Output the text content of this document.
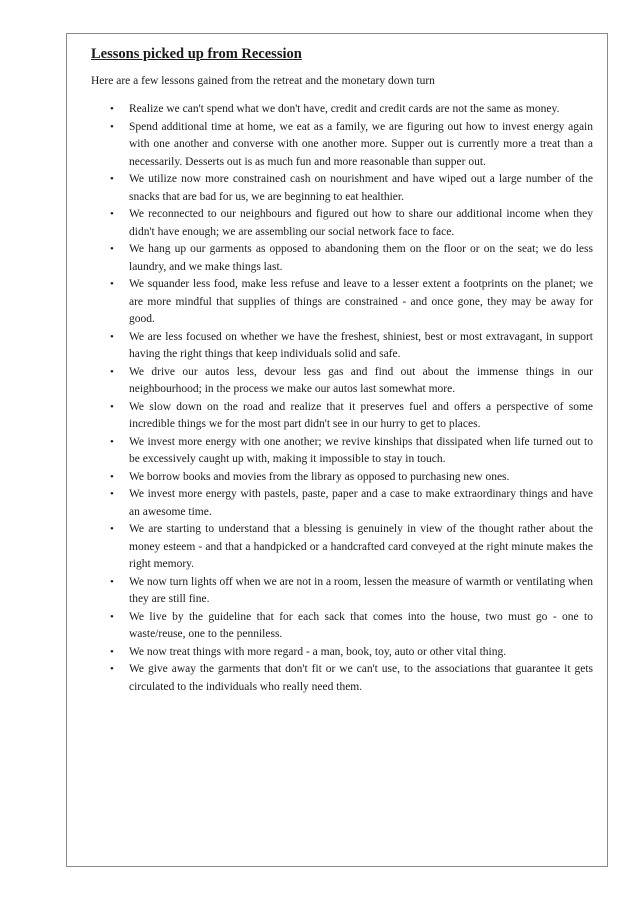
Lessons picked up from Recession

Here are a few lessons gained from the retreat and the monetary down turn

• Realize we can't spend what we don't have, credit and credit cards are not the same as money.
• Spend additional time at home, we eat as a family, we are figuring out how to invest energy again with one another and converse with one another more. Supper out is currently more a treat than a necessarily. Desserts out is as much fun and more reasonable than supper out.
• We utilize now more constrained cash on nourishment and have wiped out a large number of the snacks that are bad for us, we are beginning to eat healthier.
• We reconnected to our neighbours and figured out how to share our additional income when they didn't have enough; we are assembling our social network face to face.
• We hang up our garments as opposed to abandoning them on the floor or on the seat; we do less laundry, and we make things last.
• We squander less food, make less refuse and leave to a lesser extent a footprints on the planet; we are more mindful that supplies of things are constrained - and once gone, they may be away for good.
• We are less focused on whether we have the freshest, shiniest, best or most extravagant, in support having the right things that keep individuals solid and safe.
• We drive our autos less, devour less gas and find out about the immense things in our neighbourhood; in the process we make our autos last somewhat more.
• We slow down on the road and realize that it preserves fuel and offers a perspective of some incredible things we for the most part didn't see in our hurry to get to places.
• We invest more energy with one another; we revive kinships that dissipated when life turned out to be excessively caught up with, making it impossible to stay in touch.
• We borrow books and movies from the library as opposed to purchasing new ones.
• We invest more energy with pastels, paste, paper and a case to make extraordinary things and have an awesome time.
• We are starting to understand that a blessing is genuinely in view of the thought rather about the money esteem - and that a handpicked or a handcrafted card conveyed at the right minute makes the right memory.
• We now turn lights off when we are not in a room, lessen the measure of warmth or ventilating when they are still fine.
• We live by the guideline that for each sack that comes into the house, two must go - one to waste/reuse, one to the penniless.
• We now treat things with more regard - a man, book, toy, auto or other vital thing.
• We give away the garments that don't fit or we can't use, to the associations that guarantee it gets circulated to the individuals who really need them.
